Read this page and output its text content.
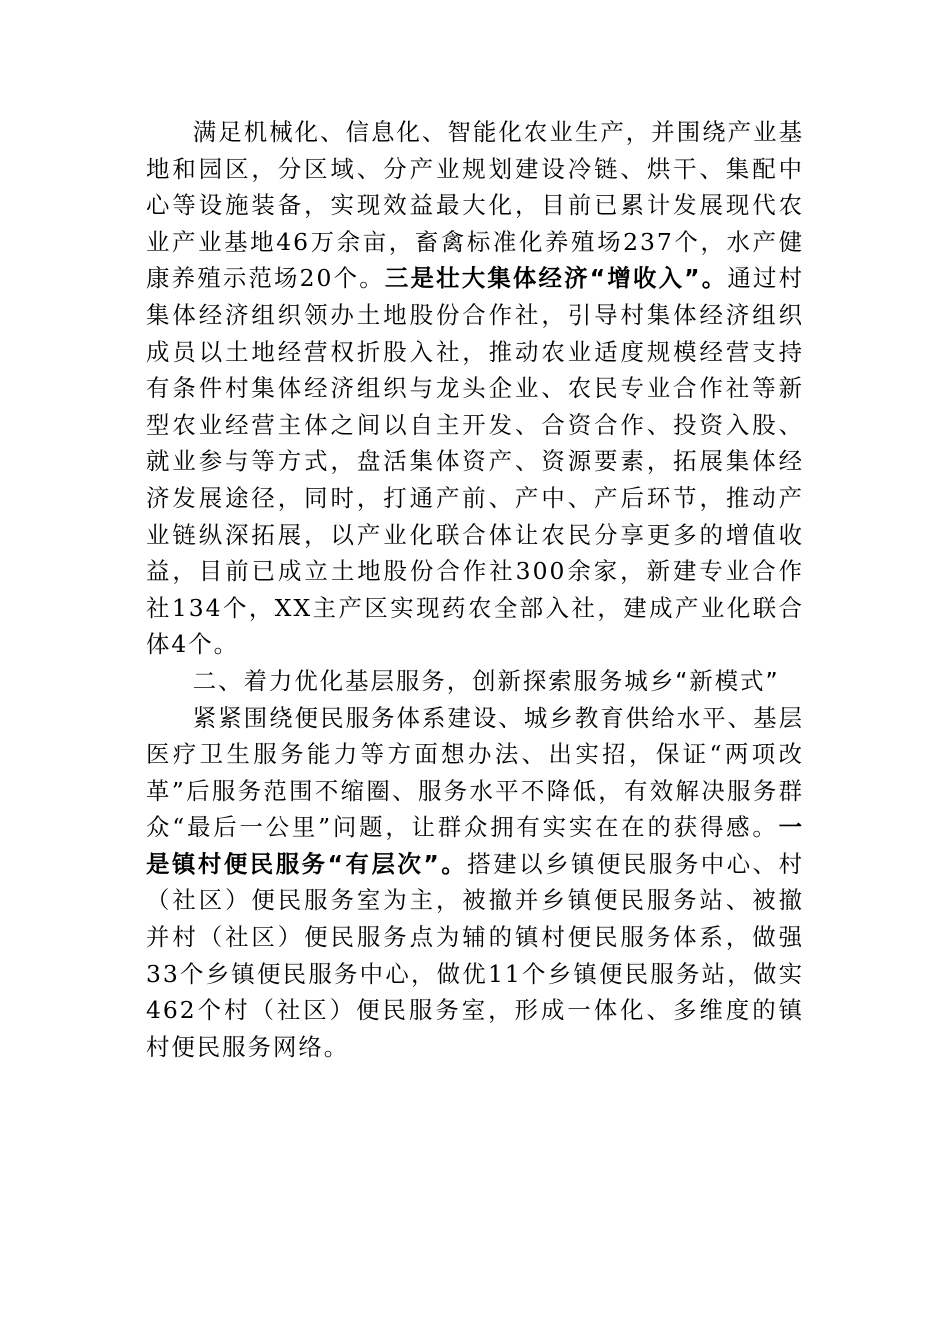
满足机械化、信息化、智能化农业生产，并围绕产业基地和园区，分区域、分产业规划建设冷链、烘干、集配中心等设施装备，实现效益最大化，目前已累计发展现代农业产业基地46万余亩，畜禽标准化养殖场237个，水产健康养殖示范场20个。三是壮大集体经济“增收入”。通过村集体经济组织领办土地股份合作社，引导村集体经济组织成员以土地经营权折股入社，推动农业适度规模经营支持有条件村集体经济组织与龙头企业、农民专业合作社等新型农业经营主体之间以自主开发、合资合作、投资入股、就业参与等方式，盘活集体资产、资源要素，拓展集体经济发展途径，同时，打通产前、产中、产后环节，推动产业链纵深拓展，以产业化联合体让农民分享更多的增值收益，目前已成立土地股份合作社300余家，新建专业合作社134个，XX主产区实现药农全部入社，建成产业化联合体4个。

二、着力优化基层服务，创新探索服务城乡“新模式”

紧紧围绕便民服务体系建设、城乡教育供给水平、基层医疗卫生服务能力等方面想办法、出实招，保证“两项改革”后服务范围不缩圈、服务水平不降低，有效解决服务群众“最后一公里”问题，让群众拥有实实在在的获得感。一是镇村便民服务“有层次”。搭建以乡镇便民服务中心、村（社区）便民服务室为主，被撤并乡镇便民服务站、被撤并村（社区）便民服务点为辅的镇村便民服务体系，做强33个乡镇便民服务中心，做优11个乡镇便民服务站，做实462个村（社区）便民服务室，形成一体化、多维度的镇村便民服务网络。
